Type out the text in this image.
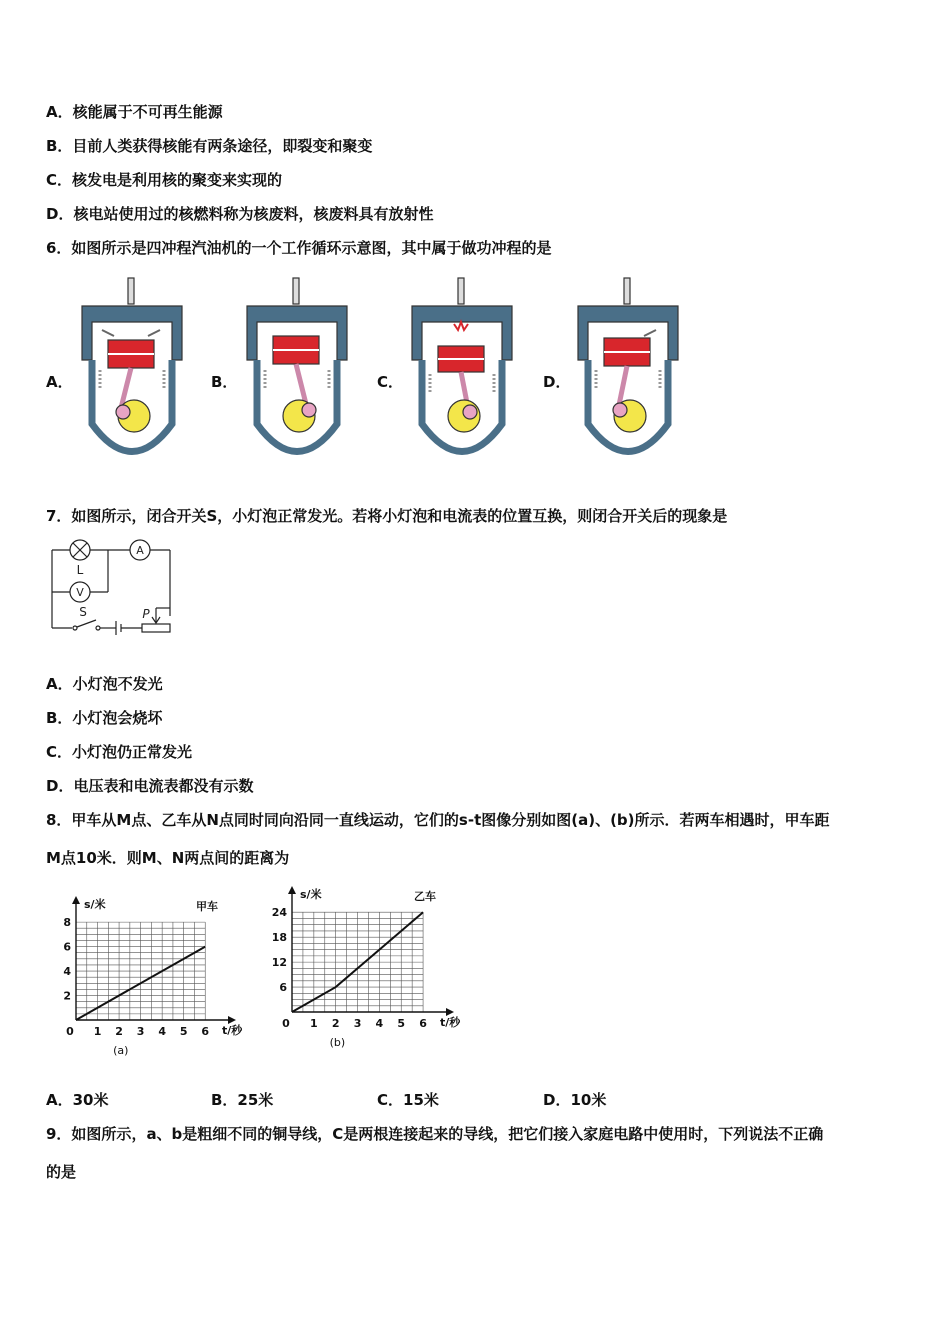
A．核能属于不可再生能源
B．目前人类获得核能有两条途径，即裂变和聚变
C．核发电是利用核的聚变来实现的
D．核电站使用过的核燃料称为核废料，核废料具有放射性
6．如图所示是四冲程汽油机的一个工作循环示意图，其中属于做功冲程的是
A．	B．	C．	D．
7．如图所示，闭合开关S，小灯泡正常发光。若将小灯泡和电流表的位置互换，则闭合开关后的现象是
L
A
V
S	P
A．小灯泡不发光
B．小灯泡会烧坏
C．小灯泡仍正常发光
D．电压表和电流表都没有示数
8．甲车从M点、乙车从N点同时同向沿同一直线运动，它们的s-t图像分别如图(a)、(b)所示．若两车相遇时，甲车距
M点10米．则M、N两点间的距离为
0 1 2 3 4 5 6
2
4
6
8
s/米
t/秒
甲车
(a)
0 1 2 3 4 5 6
6
12
18
24
s/米
t/秒
乙车
(b)
A．30米	B．25米	C．15米	D．10米
9．如图所示，a、b是粗细不同的铜导线，C是两根连接起来的导线，把它们接入家庭电路中使用时，下列说法不正确
的是
